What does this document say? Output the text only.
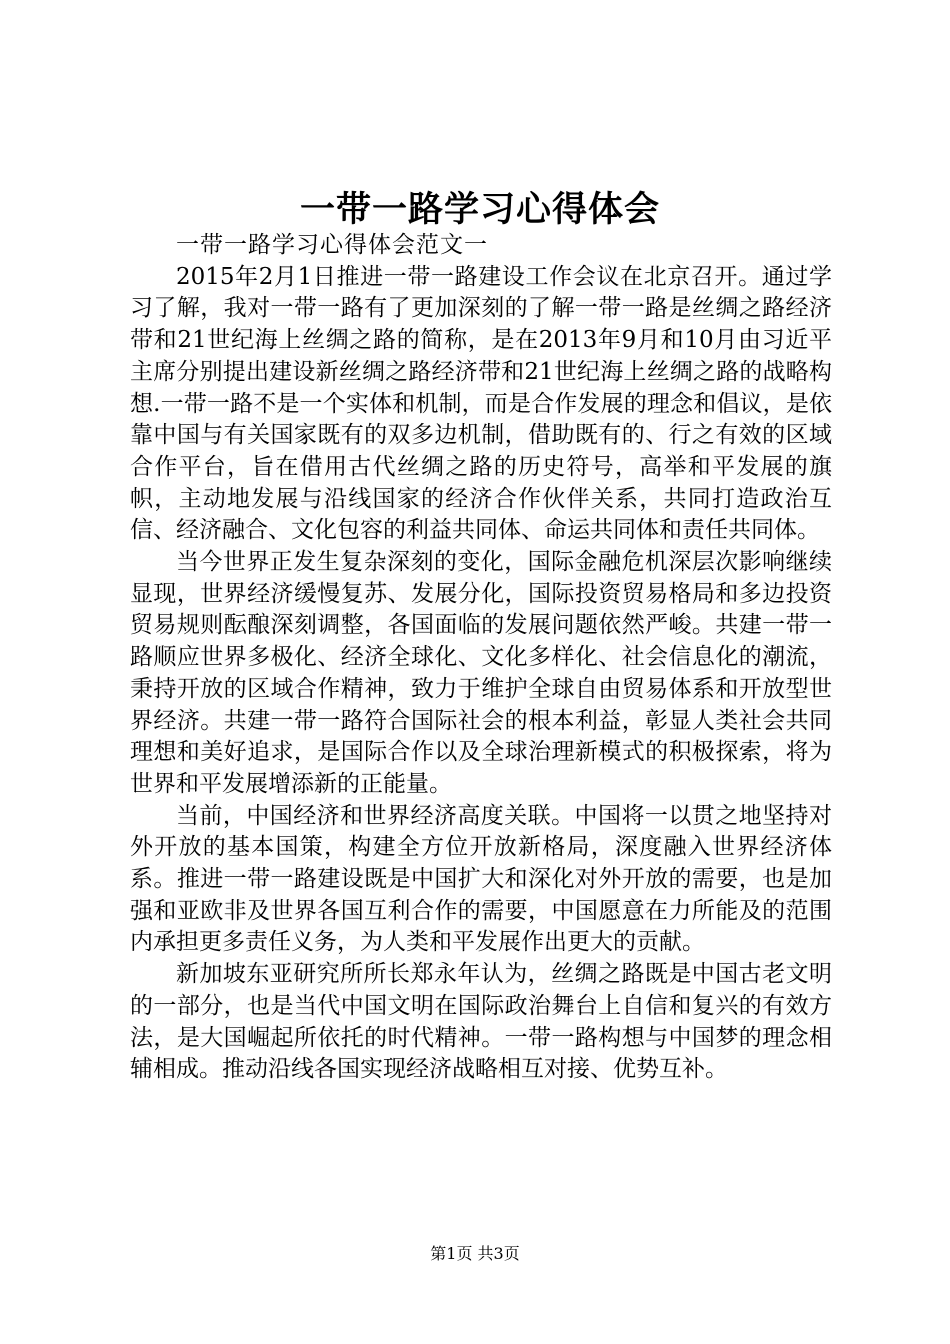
一带一路学习心得体会

一带一路学习心得体会范文一

2015年2月1日推进一带一路建设工作会议在北京召开。通过学习了解，我对一带一路有了更加深刻的了解一带一路是丝绸之路经济带和21世纪海上丝绸之路的简称，是在2013年9月和10月由习近平主席分别提出建设新丝绸之路经济带和21世纪海上丝绸之路的战略构想.一带一路不是一个实体和机制，而是合作发展的理念和倡议，是依靠中国与有关国家既有的双多边机制，借助既有的、行之有效的区域合作平台，旨在借用古代丝绸之路的历史符号，高举和平发展的旗帜，主动地发展与沿线国家的经济合作伙伴关系，共同打造政治互信、经济融合、文化包容的利益共同体、命运共同体和责任共同体。

当今世界正发生复杂深刻的变化，国际金融危机深层次影响继续显现，世界经济缓慢复苏、发展分化，国际投资贸易格局和多边投资贸易规则酝酿深刻调整，各国面临的发展问题依然严峻。共建一带一路顺应世界多极化、经济全球化、文化多样化、社会信息化的潮流，秉持开放的区域合作精神，致力于维护全球自由贸易体系和开放型世界经济。共建一带一路符合国际社会的根本利益，彰显人类社会共同理想和美好追求，是国际合作以及全球治理新模式的积极探索，将为世界和平发展增添新的正能量。

当前，中国经济和世界经济高度关联。中国将一以贯之地坚持对外开放的基本国策，构建全方位开放新格局，深度融入世界经济体系。推进一带一路建设既是中国扩大和深化对外开放的需要，也是加强和亚欧非及世界各国互利合作的需要，中国愿意在力所能及的范围内承担更多责任义务，为人类和平发展作出更大的贡献。

新加坡东亚研究所所长郑永年认为，丝绸之路既是中国古老文明的一部分，也是当代中国文明在国际政治舞台上自信和复兴的有效方法，是大国崛起所依托的时代精神。一带一路构想与中国梦的理念相辅相成。推动沿线各国实现经济战略相互对接、优势互补。

第1页 共3页
